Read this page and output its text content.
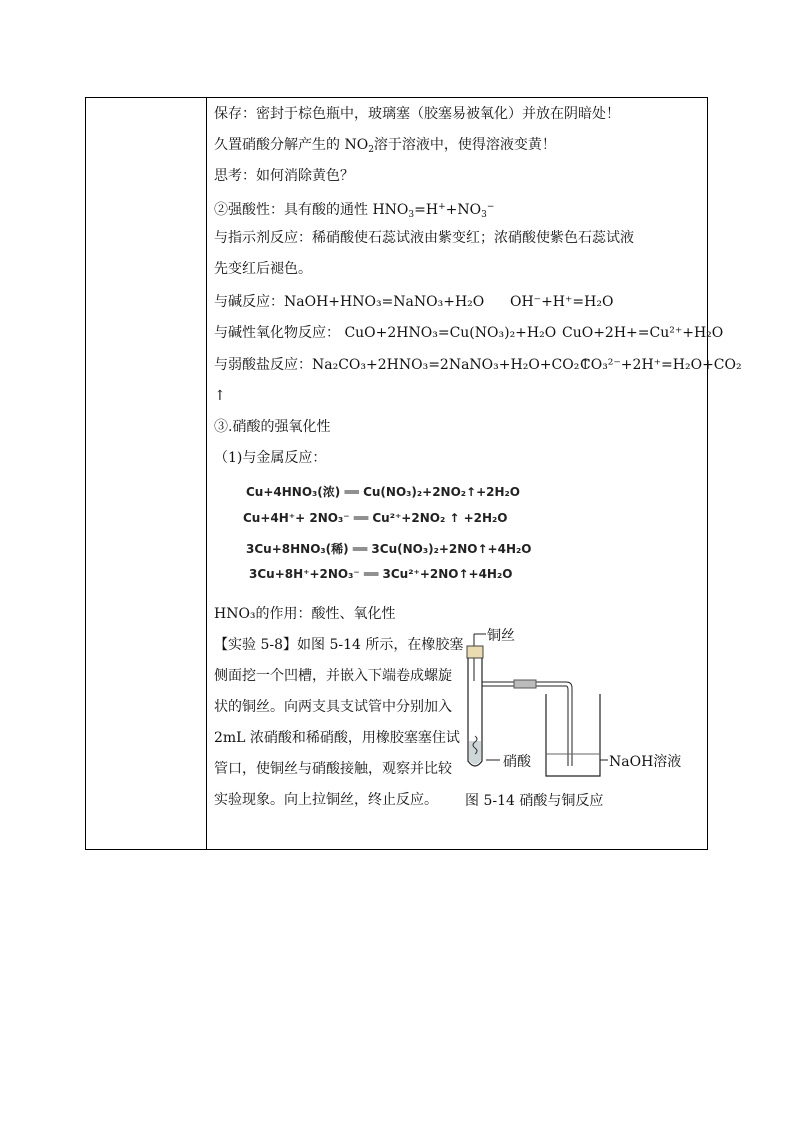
保存：密封于棕色瓶中，玻璃塞（胶塞易被氧化）并放在阴暗处！
久置硝酸分解产生的 $NO_2$溶于溶液中，使得溶液变黄！
思考：如何消除黄色？
②强酸性：具有酸的通性 $HNO_3=H^++NO_3^-$
与指示剂反应：稀硝酸使石蕊试液由紫变红；浓硝酸使紫色石蕊试液
先变红后褪色。
与碱反应：NaOH+HNO₃=NaNO₃+H₂O OH⁻+H⁺=H₂O
与碱性氧化物反应： CuO+2HNO₃=Cu(NO₃)₂+H₂O CuO+2H+=Cu²⁺+H₂O
与弱酸盐反应：Na₂CO₃+2HNO₃=2NaNO₃+H₂O+CO₂↑
CO₃²⁻+2H⁺=H₂O+CO₂
↑
③.硝酸的强氧化性
（1)与金属反应：
Cu+4HNO₃(浓) ══ Cu(NO₃)₂+2NO₂↑+2H₂O
Cu+4H⁺+ 2NO₃⁻ ══ Cu²⁺+2NO₂ ↑ +2H₂O
3Cu+8HNO₃(稀) ══ 3Cu(NO₃)₂+2NO↑+4H₂O
3Cu+8H⁺+2NO₃⁻ ══ 3Cu²⁺+2NO↑+4H₂O
HNO₃的作用：酸性、氧化性
【实验 5-8】如图 5-14 所示，在橡胶塞侧面挖一个凹槽，并嵌入下端卷成螺旋状的铜丝。向两支具支试管中分别加入 2mL 浓硝酸和稀硝酸，用橡胶塞塞住试管口，使铜丝与硝酸接触，观察并比较实验现象。向上拉铜丝，终止反应。
铜丝
硝酸	NaOH溶液
图 5-14 硝酸与铜反应
